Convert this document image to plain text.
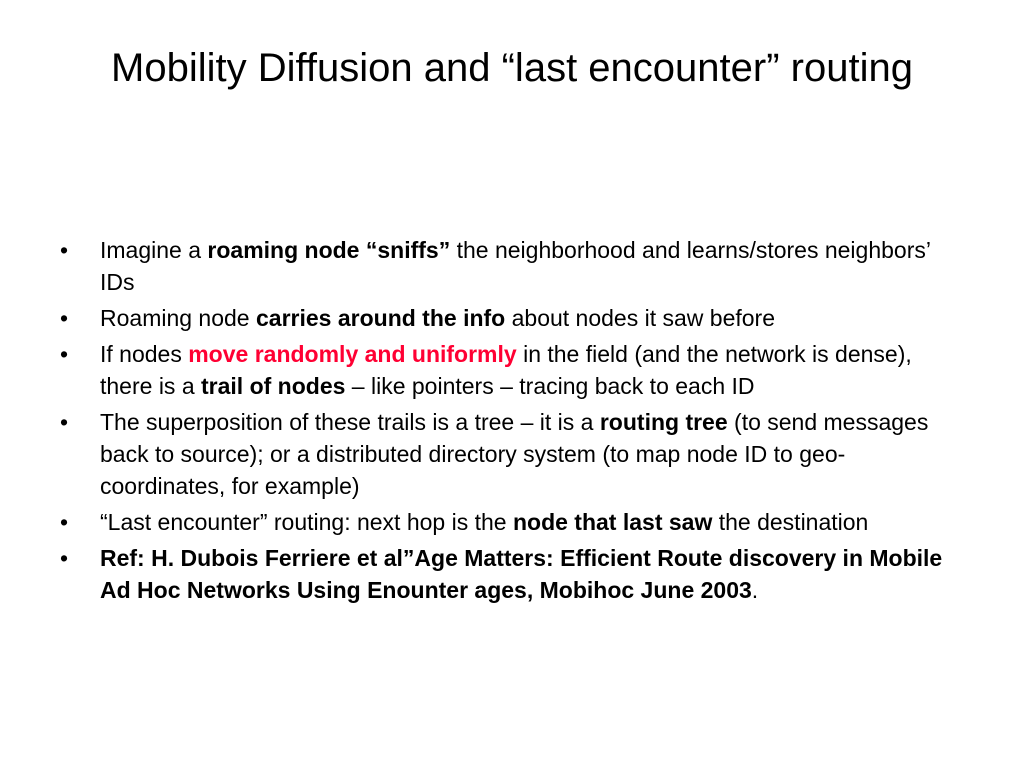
Mobility Diffusion and “last encounter” routing
•	Imagine a roaming node “sniffs” the neighborhood and learns/stores neighbors’ IDs
•	Roaming node carries around the info about nodes it saw before
•	If nodes move randomly and uniformly in the field (and the network is dense), there is a trail of nodes – like pointers – tracing back to each ID
•	The superposition of these trails is a tree – it is a routing tree (to send messages back to source); or a distributed directory system (to map node ID to geo-coordinates, for example)
•	“Last encounter” routing: next hop is the node that last saw the destination
•	Ref: H. Dubois Ferriere et al”Age Matters: Efficient Route discovery in Mobile Ad Hoc Networks Using Enounter ages, Mobihoc June 2003.
